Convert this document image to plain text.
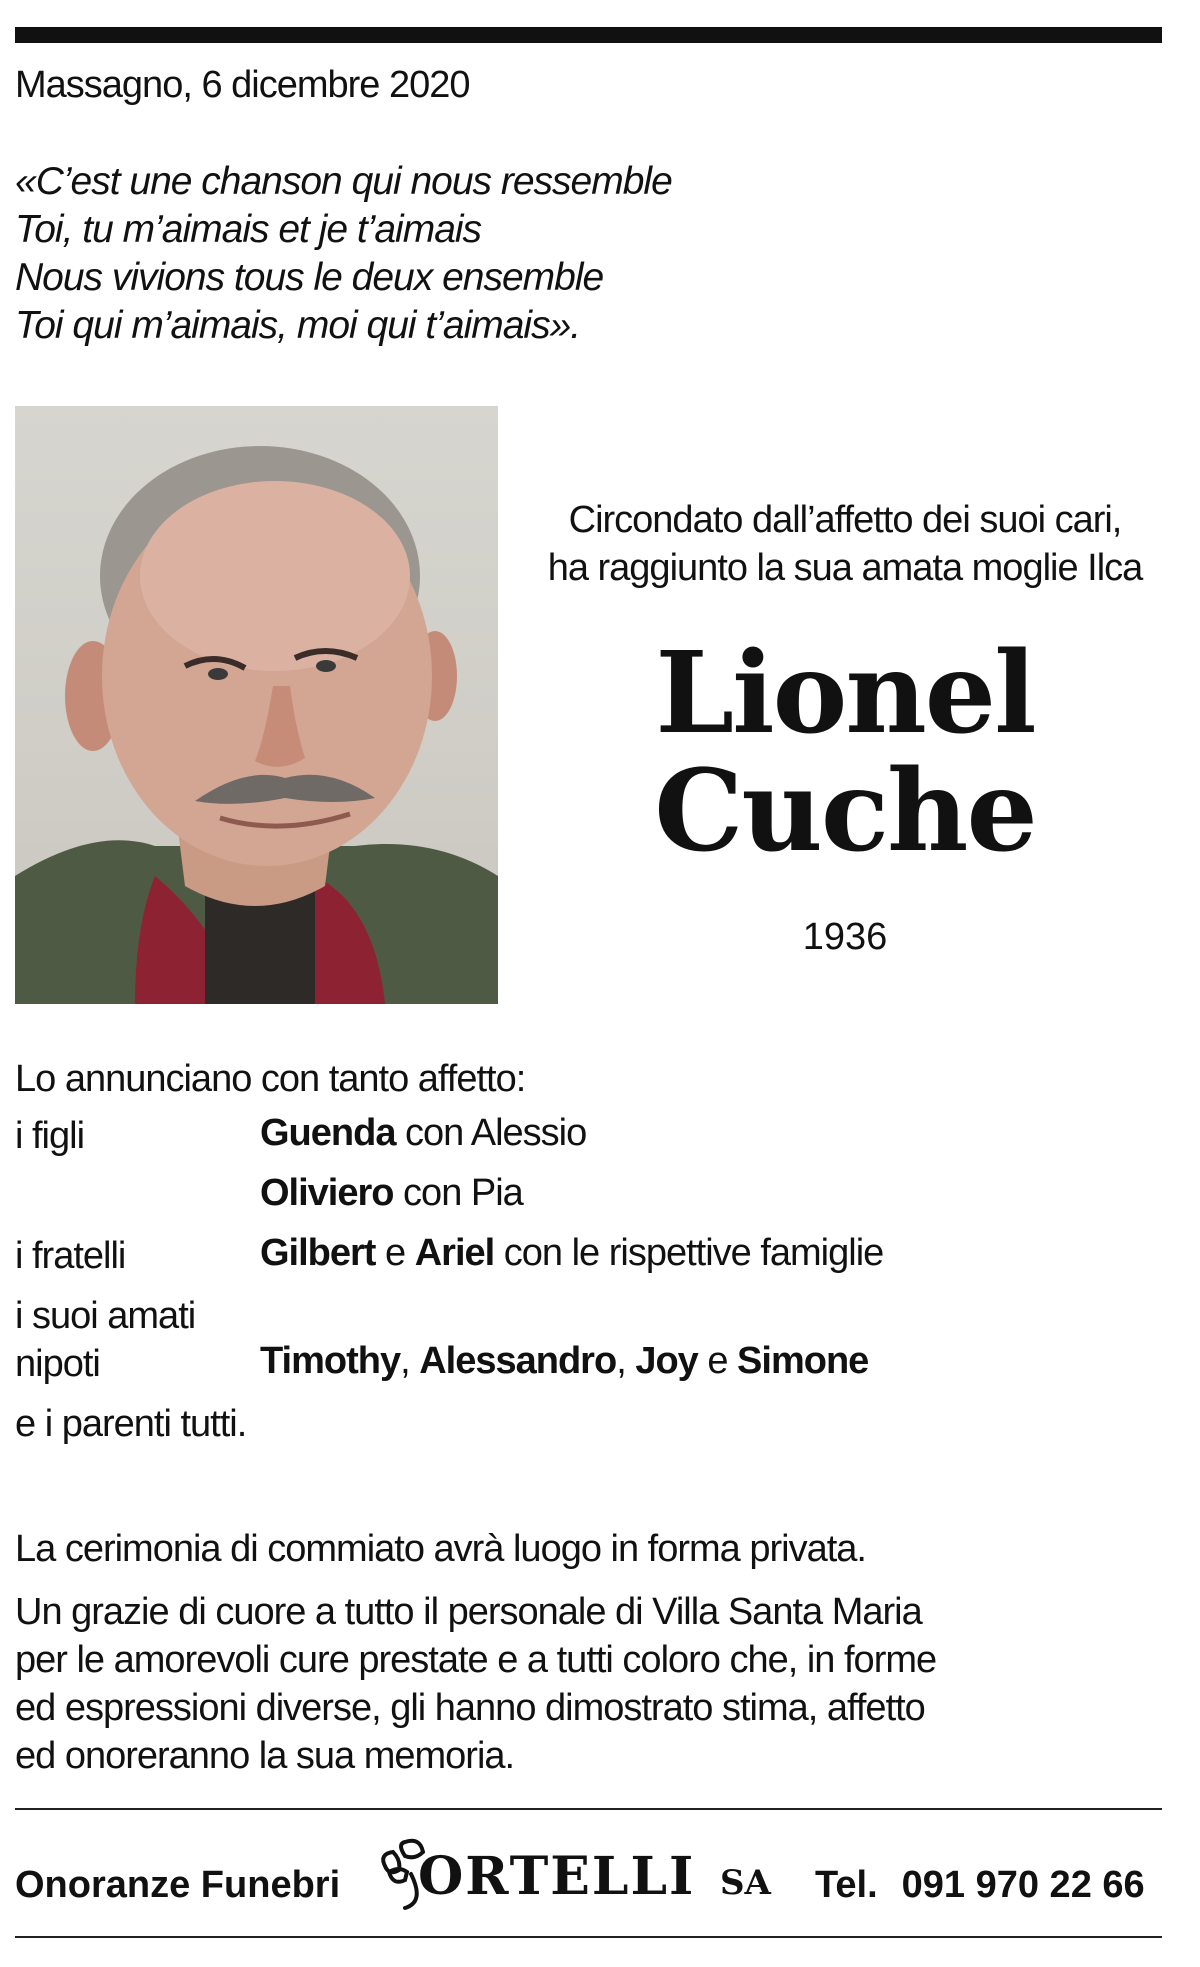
Massagno, 6 dicembre 2020
«C’est une chanson qui nous ressemble
Toi, tu m’aimais et je t’aimais
Nous vivions tous le deux ensemble
Toi qui m’aimais, moi qui t’aimais».
Circondato dall’affetto dei suoi cari,
ha raggiunto la sua amata moglie Ilca
Lionel
Cuche
1936
Lo annunciano con tanto affetto:
i figli	Guenda con Alessio
Oliviero con Pia
i fratelli	Gilbert e Ariel con le rispettive famiglie
i suoi amati
nipoti	Timothy, Alessandro, Joy e Simone
e i parenti tutti.
La cerimonia di commiato avrà luogo in forma privata.
Un grazie di cuore a tutto il personale di Villa Santa Maria
per le amorevoli cure prestate e a tutti coloro che, in forme
ed espressioni diverse, gli hanno dimostrato stima, affetto
ed onoreranno la sua memoria.
Onoranze Funebri ORTELLI SA Tel. 091 970 22 66
